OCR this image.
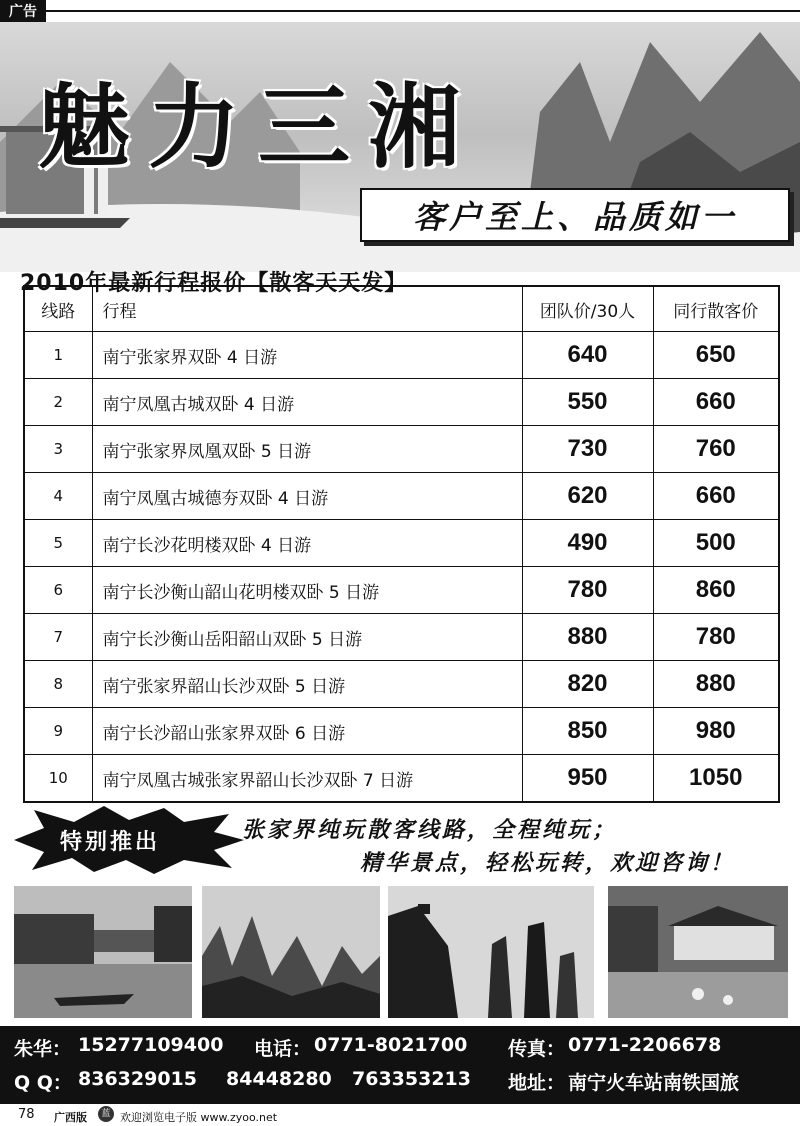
广告
魅力三湘
客户至上、品质如一
2010年最新行程报价【散客天天发】
线路	行程	团队价/30人	同行散客价
1	南宁张家界双卧 4 日游	640	650
2	南宁凤凰古城双卧 4 日游	550	660
3	南宁张家界凤凰双卧 5 日游	730	760
4	南宁凤凰古城德夯双卧 4 日游	620	660
5	南宁长沙花明楼双卧 4 日游	490	500
6	南宁长沙衡山韶山花明楼双卧 5 日游	780	860
7	南宁长沙衡山岳阳韶山双卧 5 日游	880	780
8	南宁张家界韶山长沙双卧 5 日游	820	880
9	南宁长沙韶山张家界双卧 6 日游	850	980
10	南宁凤凰古城张家界韶山长沙双卧 7 日游	950	1050
特别推出	张家界纯玩散客线路，全程纯玩；
精华景点，轻松玩转，欢迎咨询！
朱华： 15277109400 电话： 0771-8021700 传真： 0771-2206678
Q Q： 836329015 84448280 763353213 地址： 南宁火车站南铁国旅
78 广西版	蓝 欢迎浏览电子版 www.zyoo.net
